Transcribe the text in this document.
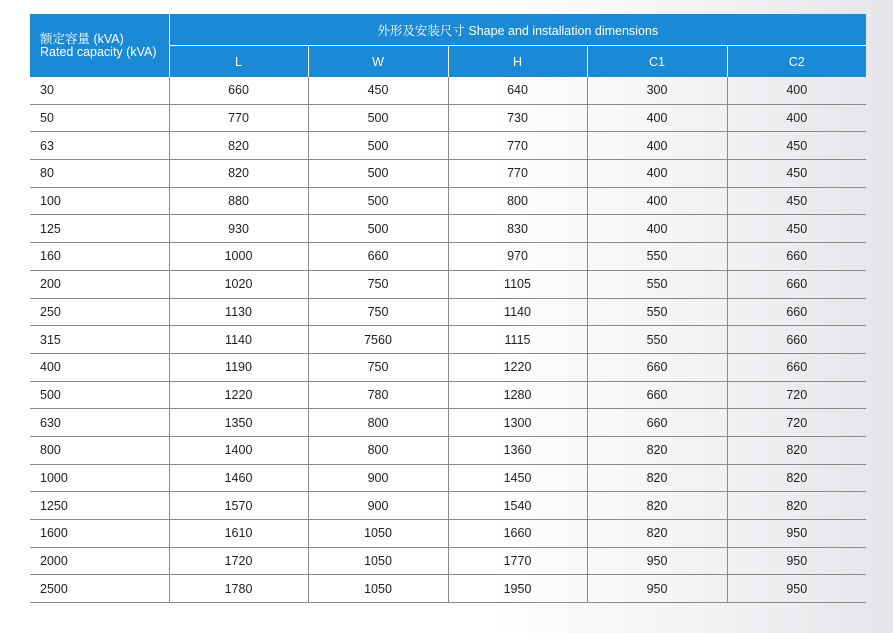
额定容量 (kVA)
Rated capacity (kVA)	外形及安装尺寸 Shape and installation dimensions				
	L	W	H	C1	C2
30	660	450	640	300	400
50	770	500	730	400	400
63	820	500	770	400	450
80	820	500	770	400	450
100	880	500	800	400	450
125	930	500	830	400	450
160	1000	660	970	550	660
200	1020	750	1105	550	660
250	1130	750	1140	550	660
315	1140	7560	1115	550	660
400	1190	750	1220	660	660
500	1220	780	1280	660	720
630	1350	800	1300	660	720
800	1400	800	1360	820	820
1000	1460	900	1450	820	820
1250	1570	900	1540	820	820
1600	1610	1050	1660	820	950
2000	1720	1050	1770	950	950
2500	1780	1050	1950	950	950
